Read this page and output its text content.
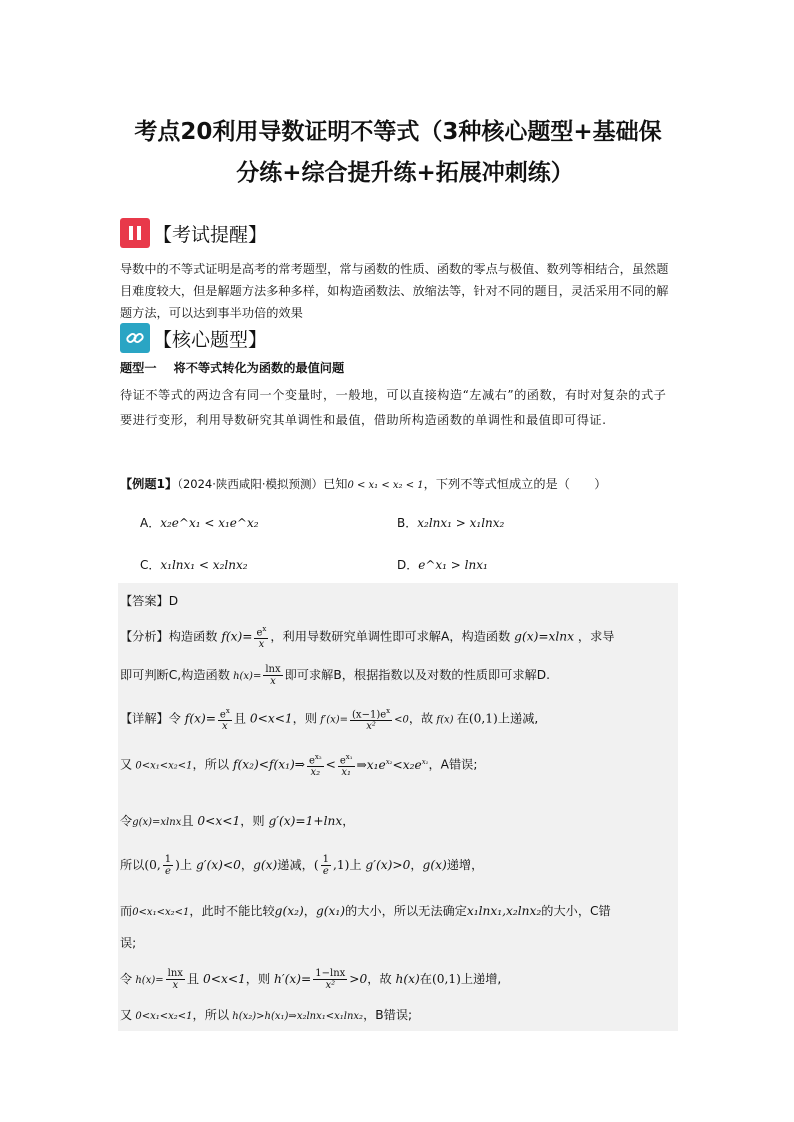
考点20利用导数证明不等式（3种核心题型+基础保
分练+综合提升练+拓展冲刺练）
【考试提醒】
导数中的不等式证明是高考的常考题型，常与函数的性质、函数的零点与极值、数列等相结合，虽然题目难度较大，但是解题方法多种多样，如构造函数法、放缩法等，针对不同的题目，灵活采用不同的解题方法，可以达到事半功倍的效果
【核心题型】
题型一 将不等式转化为函数的最值问题
待证不等式的两边含有同一个变量时，一般地，可以直接构造“左减右”的函数，有时对复杂的式子要进行变形，利用导数研究其单调性和最值，借助所构造函数的单调性和最值即可得证.
【例题1】（2024·陕西咸阳·模拟预测）已知0 < x₁ < x₂ < 1，下列不等式恒成立的是（　　）
A．x₂e^x₁ < x₁e^x₂	B．x₂lnx₁ > x₁lnx₂
C．x₁lnx₁ < x₂lnx₂	D．e^x₁ > lnx₁
【答案】D
【分析】构造函数 $f(x)= \frac{e^x}{x}$ ，利用导数研究单调性即可求解A，构造函数 g(x)=xlnx ，求导
即可判断C,构造函数 $h(x)= \frac{\ln x}{x}$ 即可求解B，根据指数以及对数的性质即可求解D.
【详解】令 $f(x)= \frac{e^x}{x}$ 且 0<x<1，则 $f'(x)= \frac{(x-1)e^x}{\text{x²}} <0$，故 f(x) 在(0,1)上递减,
又 0<x₁<x₂<1，所以 f(x₂)<f(x₁)⇒ $\frac{e^{x_2}}{\text{x₂}} < \frac{e^{x_1}}{\text{x₁}}$ $\Rightarrow x_1e^{x_2}<x_2e^{x_1}$，A错误;
令g(x)=xlnx且 0<x<1，则 g′(x)=1+lnx，
所以(0, $\frac{1}{e}$ )上 g′(x)<0，g(x)递减，( $\frac{1}{e} ,1$)上 g′(x)>0，g(x)递增，
而0<x₁<x₂<1，此时不能比较g(x₂)，g(x₁)的大小，所以无法确定x₁lnx₁,x₂lnx₂的大小，C错
误;
令 $h(x)= \frac{\ln x}{x}$ 且 0<x<1，则 $h'(x)= \frac{1-\ln x}{\text{x²}} >0$，故 h(x)在(0,1)上递增,
又 0<x₁<x₂<1，所以 h(x₂)>h(x₁)⇒x₂lnx₁<x₁lnx₂，B错误;
